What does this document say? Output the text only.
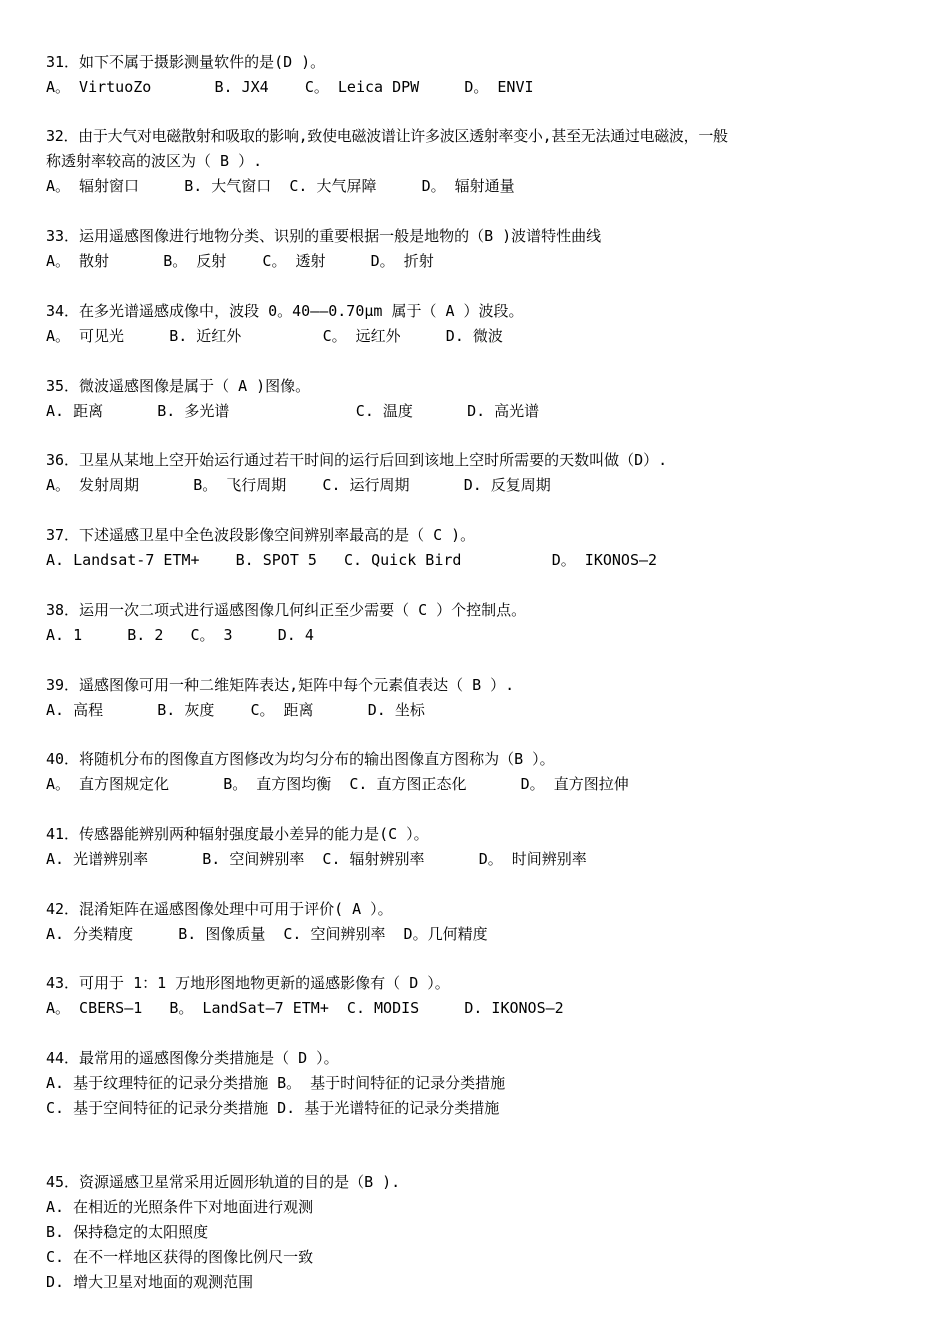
31．如下不属于摄影测量软件的是(D )。
A。 VirtuoZo       B. JX4    C。 Leica DPW     D。 ENVI
32．由于大气对电磁散射和吸取的影响,致使电磁波谱让许多波区透射率变小,甚至无法通过电磁波，一般
称透射率较高的波区为（ B ）.
A。 辐射窗口     B. 大气窗口  C. 大气屏障     D。 辐射通量
33．运用遥感图像进行地物分类、识别的重要根据一般是地物的（B )波谱特性曲线
A。 散射      B。 反射    C。 透射     D。 折射
34．在多光谱遥感成像中，波段 0。40——0.70μm 属于（ A ）波段。
A。 可见光     B. 近红外         C。 远红外     D. 微波
35．微波遥感图像是属于（ A )图像。
A. 距离      B. 多光谱              C. 温度      D. 高光谱
36．卫星从某地上空开始运行通过若干时间的运行后回到该地上空时所需要的天数叫做（D）.
A。 发射周期      B。 飞行周期    C. 运行周期      D. 反复周期
37．下述遥感卫星中全色波段影像空间辨别率最高的是（ C )。
A. Landsat-7 ETM+    B. SPOT 5   C. Quick Bird          D。 IKONOS—2
38．运用一次二项式进行遥感图像几何纠正至少需要（ C ）个控制点。
A. 1     B. 2   C。 3     D. 4
39．遥感图像可用一种二维矩阵表达,矩阵中每个元素值表达（ B ）.
A. 高程      B. 灰度    C。 距离      D. 坐标
40．将随机分布的图像直方图修改为均匀分布的输出图像直方图称为（B ）。
A。 直方图规定化      B。 直方图均衡  C. 直方图正态化      D。 直方图拉伸
41．传感器能辨别两种辐射强度最小差异的能力是(C ）。
A. 光谱辨别率      B. 空间辨别率  C. 辐射辨别率      D。 时间辨别率
42．混淆矩阵在遥感图像处理中可用于评价( A ）。
A. 分类精度     B. 图像质量  C. 空间辨别率  D。几何精度
43．可用于 1：1 万地形图地物更新的遥感影像有（ D ）。
A。 CBERS—1   B。 LandSat—7 ETM+  C. MODIS     D. IKONOS—2
44．最常用的遥感图像分类措施是（ D ）。
A. 基于纹理特征的记录分类措施 B。 基于时间特征的记录分类措施
C. 基于空间特征的记录分类措施 D. 基于光谱特征的记录分类措施
45．资源遥感卫星常采用近圆形轨道的目的是（B ).
A. 在相近的光照条件下对地面进行观测
B. 保持稳定的太阳照度
C. 在不一样地区获得的图像比例尺一致
D. 增大卫星对地面的观测范围
